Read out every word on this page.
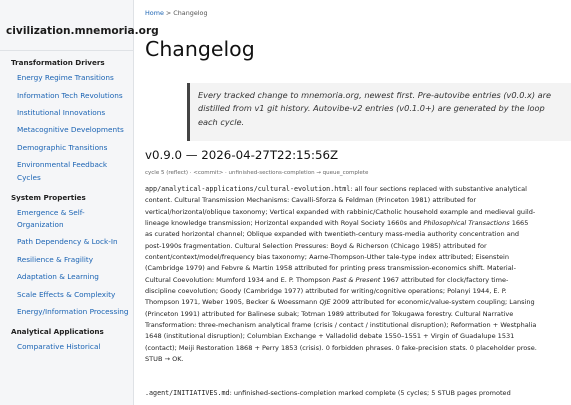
civilization.mnemoria.org
Transformation Drivers
Energy Regime Transitions
Information Tech Revolutions
Institutional Innovations
Metacognitive Developments
Demographic Transitions
Environmental Feedback Cycles
System Properties
Emergence & Self-Organization
Path Dependency & Lock-In
Resilience & Fragility
Adaptation & Learning
Scale Effects & Complexity
Energy/Information Processing
Analytical Applications
Comparative Historical
Home > Changelog
Changelog
Every tracked change to mnemoria.org, newest first. Pre-autovibe entries (v0.0.x) are distilled from v1 git history. Autovibe-v2 entries (v0.1.0+) are generated by the loop each cycle.
v0.9.0 — 2026-04-27T22:15:56Z
cycle 5 (reflect) · <commit> · unfinished-sections-completion → queue_complete

app/analytical-applications/cultural-evolution.html: all four sections replaced with substantive analytical content. Cultural Transmission Mechanisms: Cavalli-Sforza & Feldman (Princeton 1981) attributed for vertical/horizontal/oblique taxonomy; Vertical expanded with rabbinic/Catholic household example and medieval guild-lineage knowledge transmission; Horizontal expanded with Royal Society 1660s and Philosophical Transactions 1665 as curated horizontal channel; Oblique expanded with twentieth-century mass-media authority concentration and post-1990s fragmentation. Cultural Selection Pressures: Boyd & Richerson (Chicago 1985) attributed for content/context/model/frequency bias taxonomy; Aarne-Thompson-Uther tale-type index attributed; Eisenstein (Cambridge 1979) and Febvre & Martin 1958 attributed for printing press transmission-economics shift. Material-Cultural Coevolution: Mumford 1934 and E. P. Thompson Past & Present 1967 attributed for clock/factory time-discipline coevolution; Goody (Cambridge 1977) attributed for writing/cognitive operations; Polanyi 1944, E. P. Thompson 1971, Weber 1905, Becker & Woessmann QJE 2009 attributed for economic/value-system coupling; Lansing (Princeton 1991) attributed for Balinese subak; Totman 1989 attributed for Tokugawa forestry. Cultural Narrative Transformation: three-mechanism analytical frame (crisis / contact / institutional disruption); Reformation + Westphalia 1648 (institutional disruption); Columbian Exchange + Valladolid debate 1550–1551 + Virgin of Guadalupe 1531 (contact); Meiji Restoration 1868 + Perry 1853 (crisis). 0 forbidden phrases. 0 fake-precision stats. 0 placeholder prose. STUB → OK.

.agent/INITIATIVES.md: unfinished-sections-completion marked complete (5 cycles; 5 STUB pages promoted
